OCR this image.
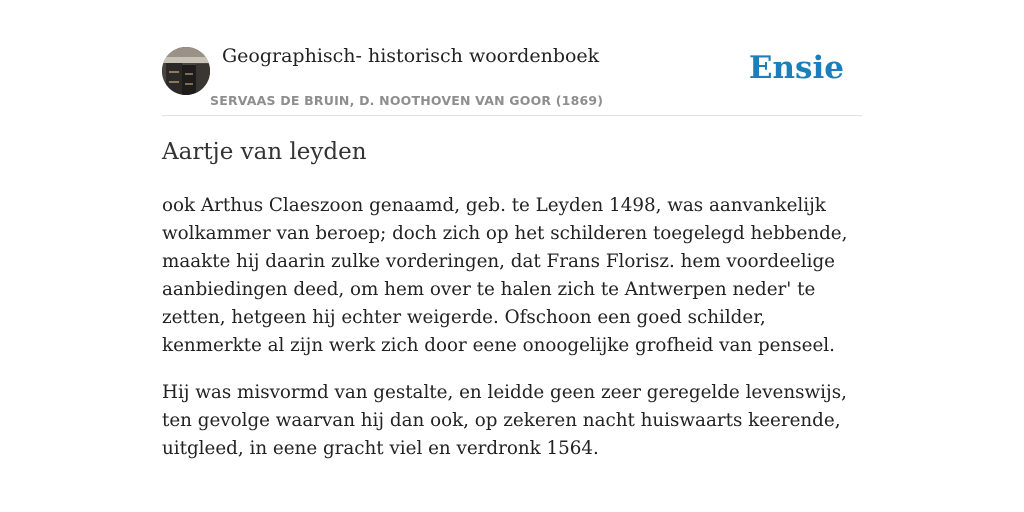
Geographisch- historisch woordenboek
SERVAAS DE BRUIN, D. NOOTHOVEN VAN GOOR (1869)
Ensie
Aartje van leyden

ook Arthus Claeszoon genaamd, geb. te Leyden 1498, was aanvankelijk wolkammer van beroep; doch zich op het schilderen toegelegd hebbende, maakte hij daarin zulke vorderingen, dat Frans Florisz. hem voordeelige aanbiedingen deed, om hem over te halen zich te Antwerpen neder' te zetten, hetgeen hij echter weigerde. Ofschoon een goed schilder, kenmerkte al zijn werk zich door eene onoogelijke grofheid van penseel.

Hij was misvormd van gestalte, en leidde geen zeer geregelde levenswijs, ten gevolge waarvan hij dan ook, op zekeren nacht huiswaarts keerende, uitgleed, in eene gracht viel en verdronk 1564.
